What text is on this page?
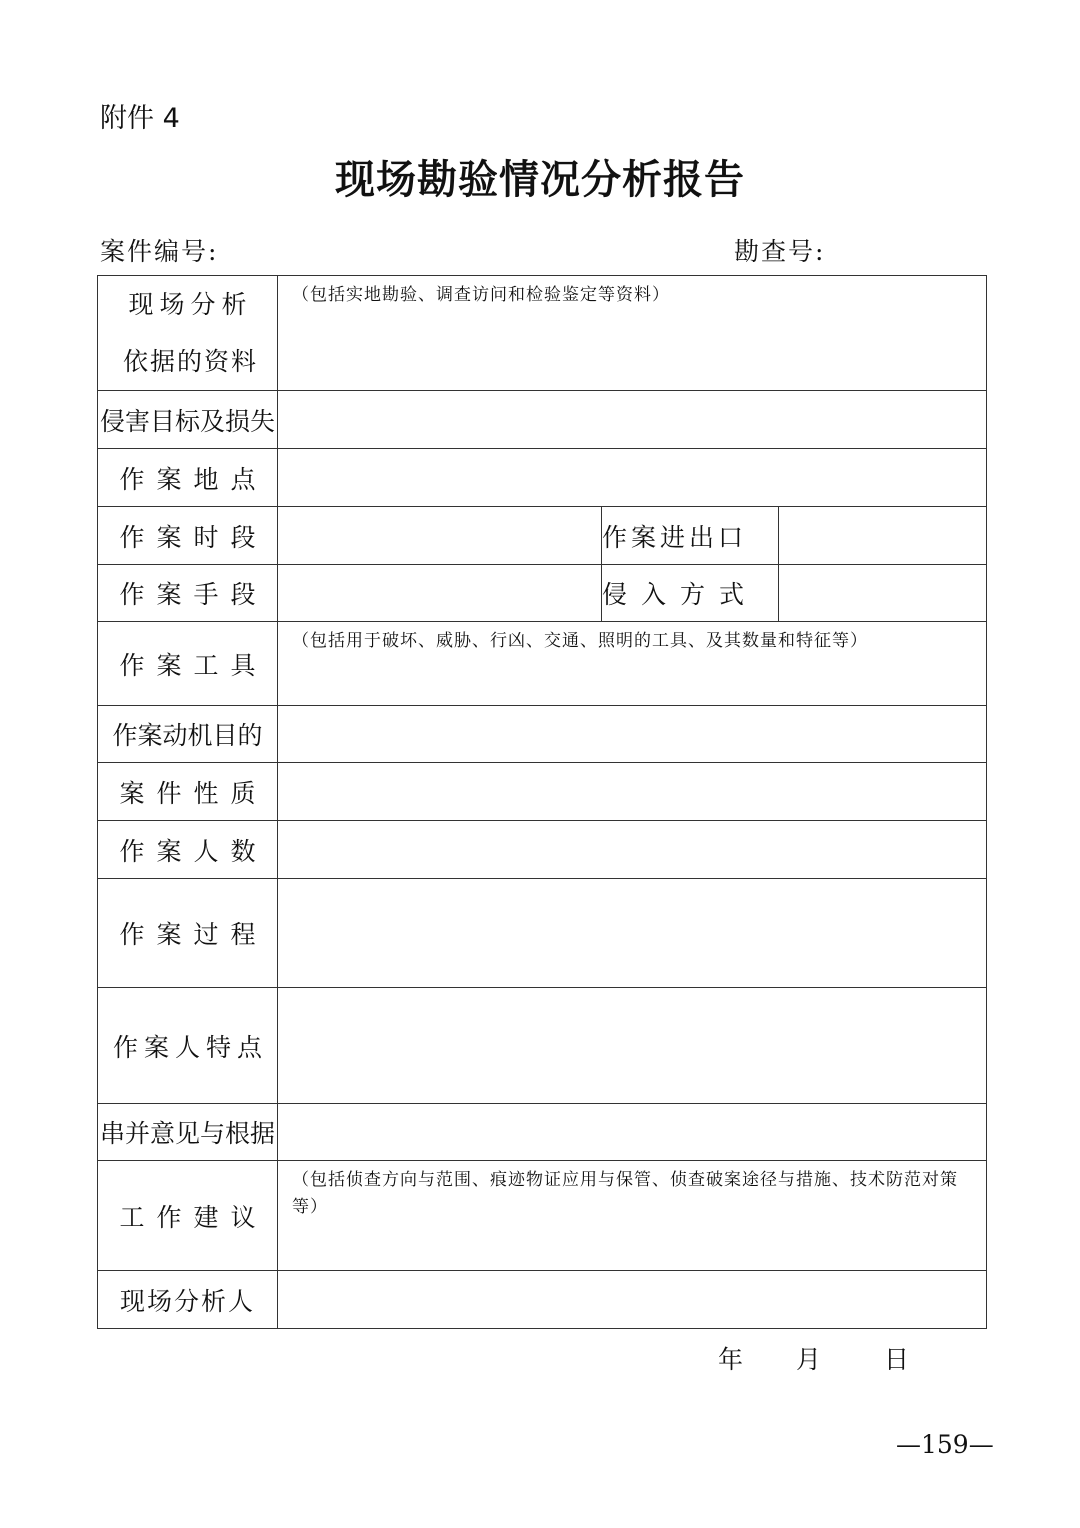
附件 4
现场勘验情况分析报告
案件编号:	勘查号:
现场分析
依据的资料	（包括实地勘验、调查访问和检验鉴定等资料）		

侵害目标及损失			
作案地点			
作案时段		作案进出口	
作案手段		侵入方式	
作案工具	（包括用于破坏、威胁、行凶、交通、照明的工具、及其数量和特征等）		

作案动机目的			
案件性质			
作案人数			
作案过程			
作案人特点			
串并意见与根据			
工作建议	（包括侦查方向与范围、痕迹物证应用与保管、侦查破案途径与措施、技术防范对策等）		

现场分析人			
年 月	日
—159—
